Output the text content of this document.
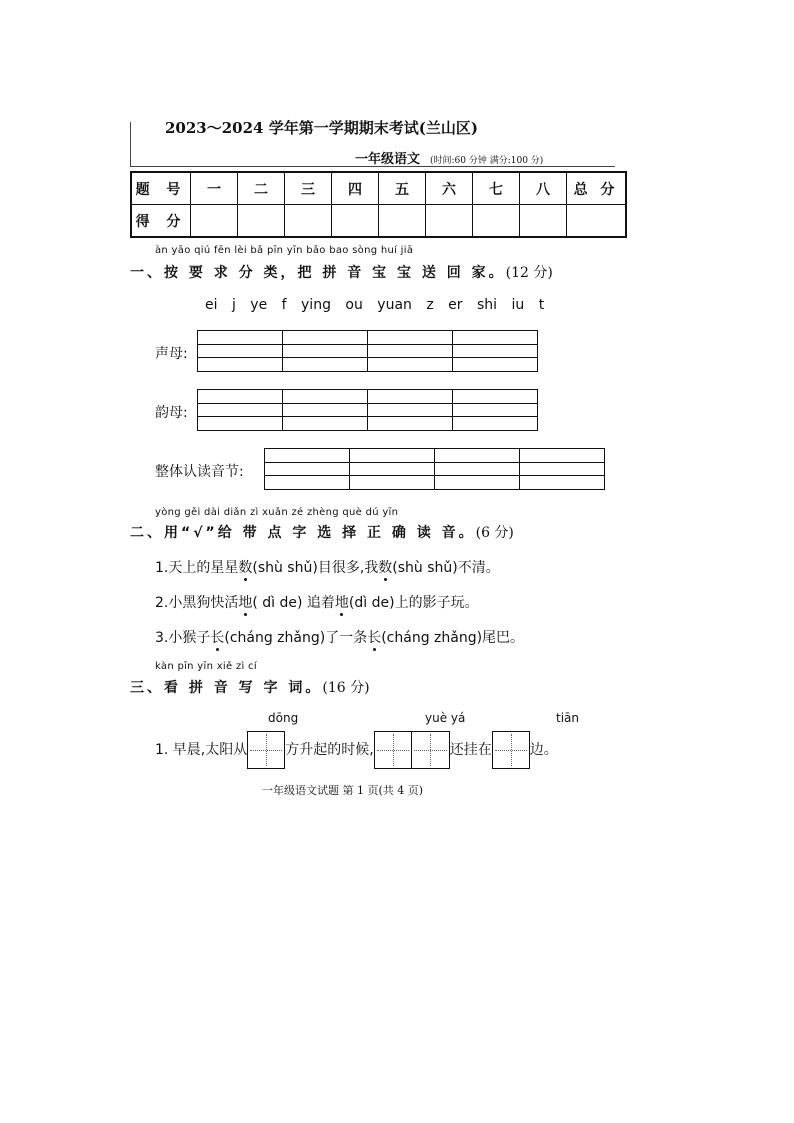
2023～2024 学年第一学期期末考试(兰山区)
一年级语文 (时间:60 分钟 满分:100 分)
题 号	一	二	三	四	五	六	七	八	总 分
得 分									
àn yāo qiú fēn lèi bǎ pīn yīn bǎo bao sòng huí jiā
一、按 要 求 分 类，把 拼 音 宝 宝 送 回 家。(12 分)
ei j ye f ying ou yuan z er shi iu t
声母:
韵母:
整体认读音节:
yòng gěi dài diǎn zì xuǎn zé zhèng què dú yīn
二、用“√”给 带 点 字 选 择 正 确 读 音。(6 分)
1.天上的星星数(shù shǔ)目很多,我数(shù shǔ)不清。
2.小黑狗快活地( dì de) 追着地(dì de)上的影子玩。
3.小猴子长(cháng zhǎng)了一条长(cháng zhǎng)尾巴。
kàn pīn yīn xiě zì cí
三、看 拼 音 写 字 词。(16 分)
dōng	yuè yá	tiān
1. 早晨,太阳从	方升起的时候,	还挂在	边。
一年级语文试题 第 1 页(共 4 页)
